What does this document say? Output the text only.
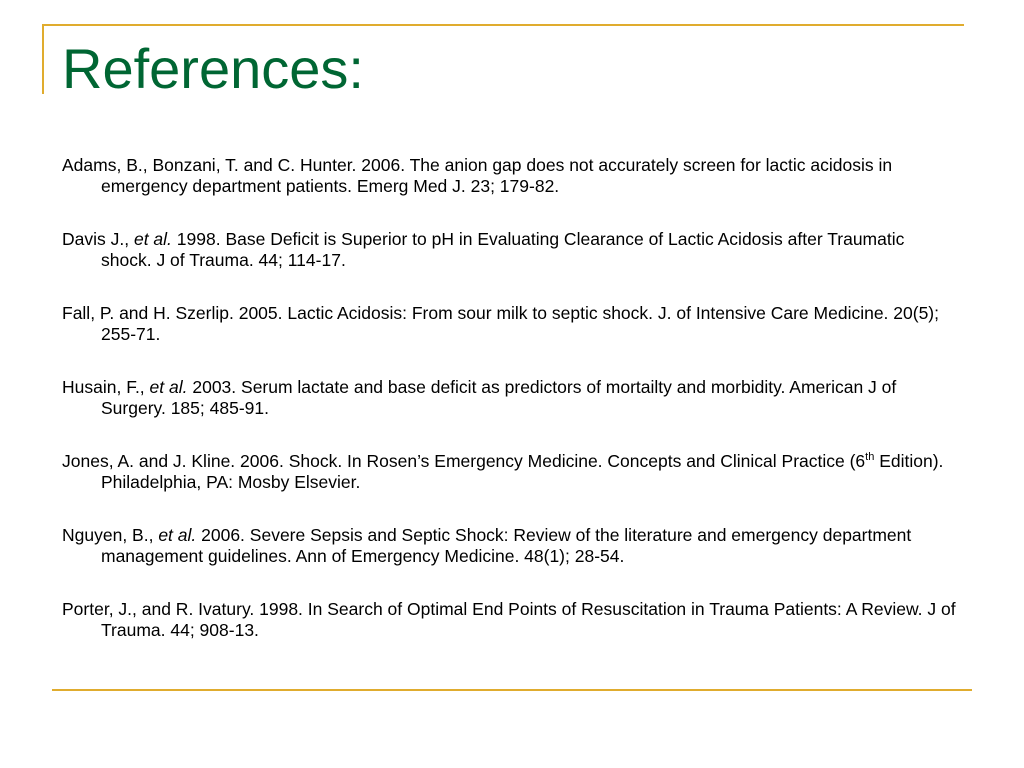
References:
Adams, B., Bonzani, T. and C. Hunter. 2006. The anion gap does not accurately screen for lactic acidosis in emergency department patients. Emerg Med J. 23; 179-82.
Davis J., et al. 1998. Base Deficit is Superior to pH in Evaluating Clearance of Lactic Acidosis after Traumatic shock. J of Trauma. 44; 114-17.
Fall, P. and H. Szerlip. 2005. Lactic Acidosis: From sour milk to septic shock. J. of Intensive Care Medicine. 20(5); 255-71.
Husain, F., et al. 2003. Serum lactate and base deficit as predictors of mortailty and morbidity. American J of Surgery. 185; 485-91.
Jones, A. and J. Kline. 2006. Shock. In Rosen’s Emergency Medicine. Concepts and Clinical Practice (6th Edition). Philadelphia, PA: Mosby Elsevier.
Nguyen, B., et al. 2006. Severe Sepsis and Septic Shock: Review of the literature and emergency department management guidelines. Ann of Emergency Medicine. 48(1); 28-54.
Porter, J., and R. Ivatury. 1998. In Search of Optimal End Points of Resuscitation in Trauma Patients: A Review. J of Trauma. 44; 908-13.
